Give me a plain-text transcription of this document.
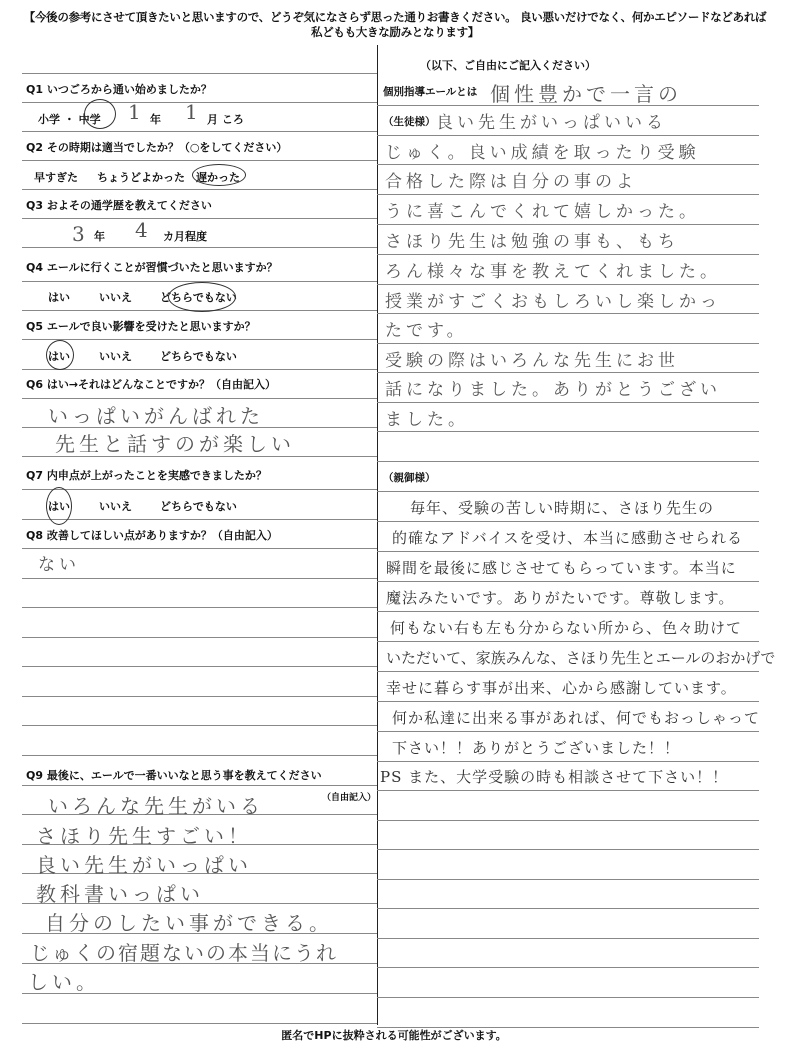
【今後の参考にさせて頂きたいと思いますので、どうぞ気になさらず思った通りお書きください。 良い悪いだけでなく、何かエピソードなどあれば私どもも大きな励みとなります】
（以下、ご自由にご記入ください）
Q1 いつごろから通い始めましたか？
小学 ・ 中学 1 年 1 月 ころ
Q2 その時期は適当でしたか？（○をしてください）
早すぎた ちょうどよかった 遅かった
Q3 およその通学歴を教えてください
3 年 4 カ月程度
Q4 エールに行くことが習慣づいたと思いますか？
はい	いいえ	どちらでもない
Q5 エールで良い影響を受けたと思いますか？
はい	いいえ	どちらでもない
Q6 はい→それはどんなことですか？（自由記入）
いっぱいがんばれた
先生と話すのが楽しい
Q7 内申点が上がったことを実感できましたか？
はい	いいえ	どちらでもない
Q8 改善してほしい点がありますか？（自由記入）
ない
Q9 最後に、エールで一番いいなと思う事を教えてください
（自由記入）
いろんな先生がいる
さほり先生すごい！
良い先生がいっぱい
教科書いっぱい
自分のしたい事ができる。
じゅくの宿題ないの本当にうれ
しい。
個別指導エールとは 個性豊かで一言の
（生徒様） 良い先生がいっぱいいる
じゅく。良い成績を取ったり受験
合格した際は自分の事のよ
うに喜こんでくれて嬉しかった。
さほり先生は勉強の事も、もち
ろん様々な事を教えてくれました。
授業がすごくおもしろいし楽しかっ
たです。
受験の際はいろんな先生にお世
話になりました。ありがとうござい
ました。
（親御様）
毎年、受験の苦しい時期に、さほり先生の
的確なアドバイスを受け、本当に感動させられる
瞬間を最後に感じさせてもらっています。本当に
魔法みたいです。ありがたいです。尊敬します。
何もない右も左も分からない所から、色々助けて
いただいて、家族みんな、さほり先生とエールのおかげで
幸せに暮らす事が出来、心から感謝しています。
何か私達に出来る事があれば、何でもおっしゃって
下さい！！ありがとうございました！！
PS また、大学受験の時も相談させて下さい！！
匿名でHPに抜粋される可能性がございます。
